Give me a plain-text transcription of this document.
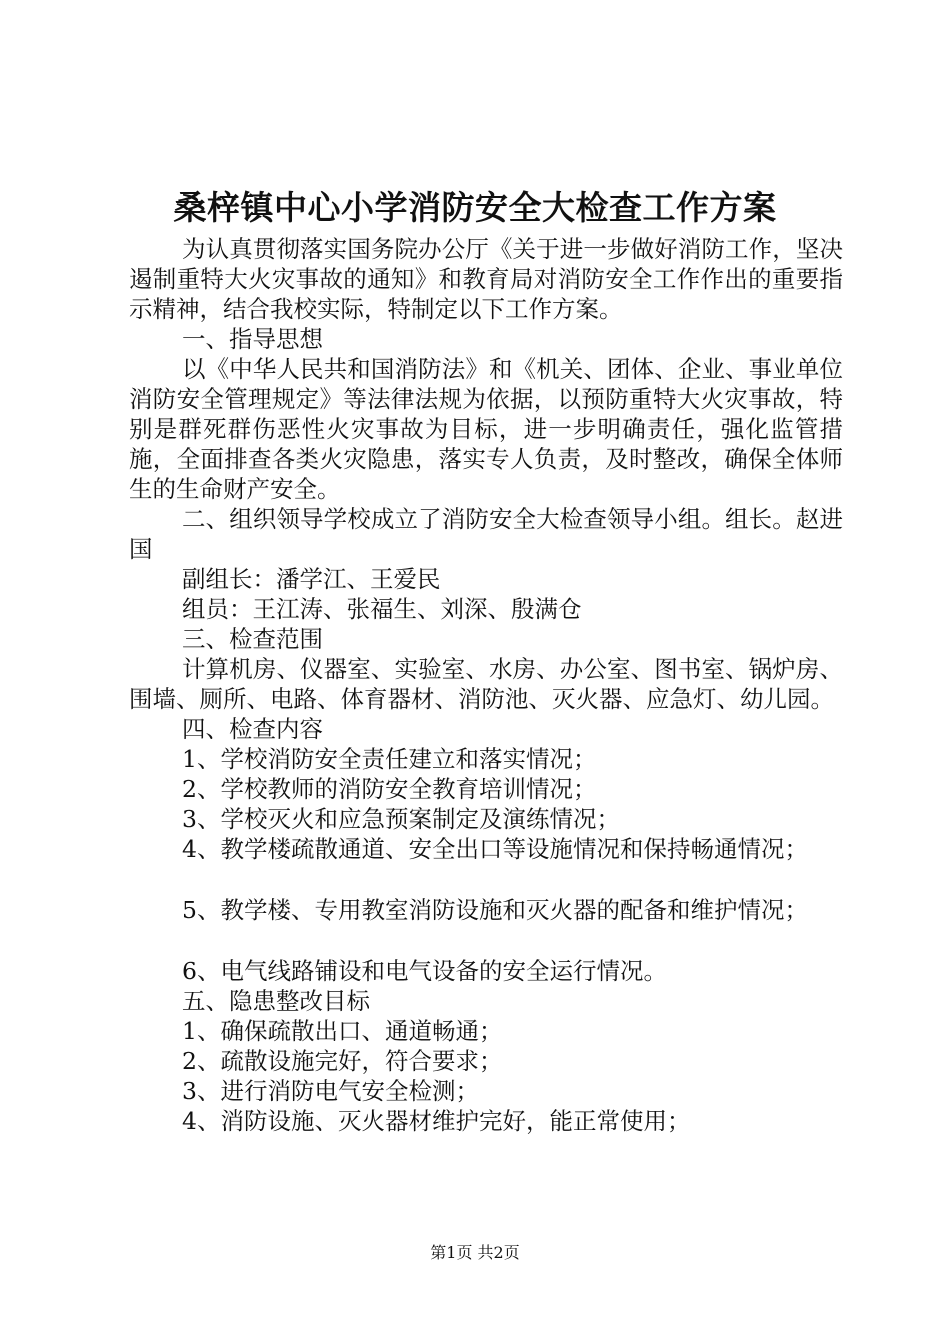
桑梓镇中心小学消防安全大检查工作方案

为认真贯彻落实国务院办公厅《关于进一步做好消防工作，坚决遏制重特大火灾事故的通知》和教育局对消防安全工作作出的重要指示精神，结合我校实际，特制定以下工作方案。

一、指导思想

以《中华人民共和国消防法》和《机关、团体、企业、事业单位消防安全管理规定》等法律法规为依据，以预防重特大火灾事故，特别是群死群伤恶性火灾事故为目标，进一步明确责任，强化监管措施，全面排查各类火灾隐患，落实专人负责，及时整改，确保全体师生的生命财产安全。

二、组织领导学校成立了消防安全大检查领导小组。组长。赵进国

副组长：潘学江、王爱民

组员：王江涛、张福生、刘深、殷满仓

三、检查范围

计算机房、仪器室、实验室、水房、办公室、图书室、锅炉房、围墙、厕所、电路、体育器材、消防池、灭火器、应急灯、幼儿园。

四、检查内容

1、学校消防安全责任建立和落实情况；

2、学校教师的消防安全教育培训情况；

3、学校灭火和应急预案制定及演练情况；

4、教学楼疏散通道、安全出口等设施情况和保持畅通情况；

5、教学楼、专用教室消防设施和灭火器的配备和维护情况；

6、电气线路铺设和电气设备的安全运行情况。

五、隐患整改目标

1、确保疏散出口、通道畅通；

2、疏散设施完好，符合要求；

3、进行消防电气安全检测；

4、消防设施、灭火器材维护完好，能正常使用；

第1页 共2页
